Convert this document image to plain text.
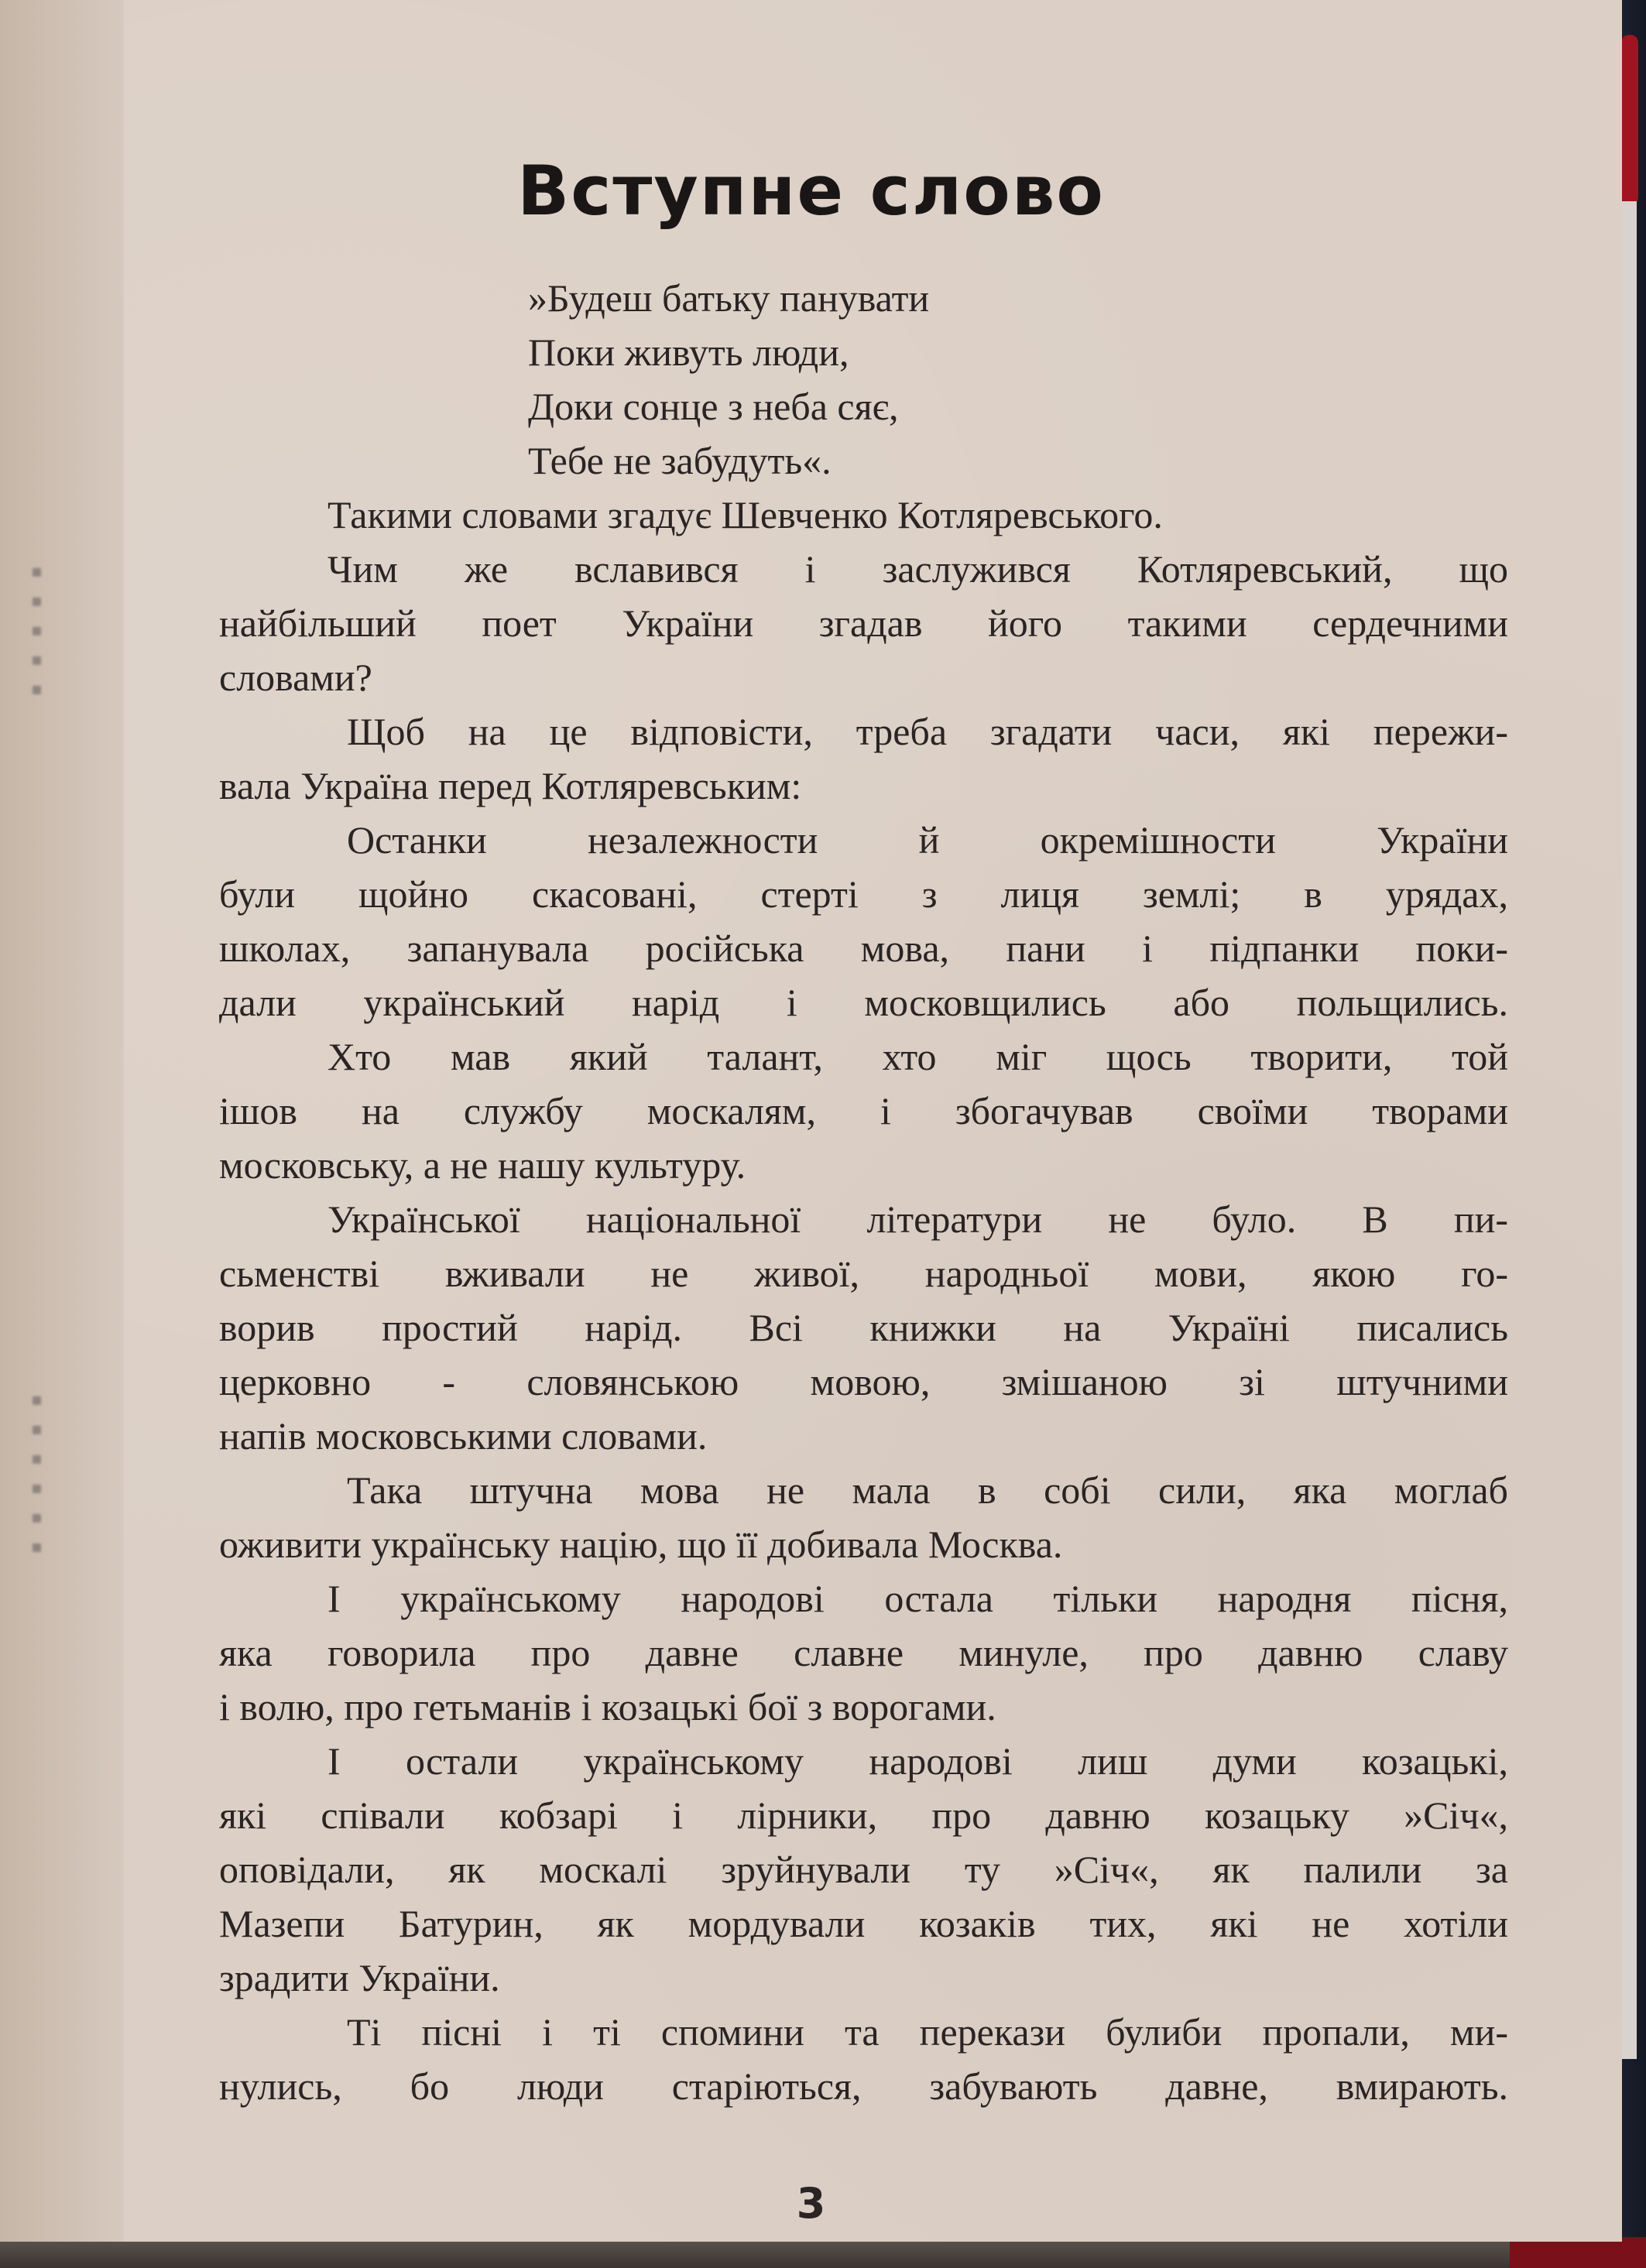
▪
▪
▪
▪
▪
▪
▪
▪
▪
▪
▪
Вступне слово
»Будеш батьку панувати
Поки живуть люди,
Доки сонце з неба сяє,
Тебе не забудуть«.
Такими словами згадує Шевченко Котляревського.
Чим же вславився і заслужився Котляревський, що
найбільший поет України згадав його такими сердечними
словами?
Щоб на це відповісти, треба згадати часи, які пережи-
вала Україна перед Котляревським:
Останки незалежности й окремішности України
були щойно скасовані, стерті з лиця землі; в урядах,
школах, запанувала російська мова, пани і підпанки поки-
дали український нарід і московщились або польщились.
Хто мав який талант, хто міг щось творити, той
ішов на службу москалям, і збогачував своїми творами
московську, а не нашу культуру.
Української національної літератури не було. В пи-
сьменстві вживали не живої, народньої мови, якою го-
ворив простий нарід. Всі книжки на Україні писались
церковно - словянською мовою, змішаною зі штучними
напів московськими словами.
Така штучна мова не мала в собі сили, яка моглаб
оживити українську націю, що її добивала Москва.
І українському народові остала тільки народня пісня,
яка говорила про давне славне минуле, про давню славу
і волю, про гетьманів і козацькі бої з ворогами.
І остали українському народові лиш думи козацькі,
які співали кобзарі і лірники, про давню козацьку »Січ«,
оповідали, як москалі зруйнували ту »Січ«, як палили за
Мазепи Батурин, як мордували козаків тих, які не хотіли
зрадити України.
Ті пісні і ті спомини та перекази булиби пропали, ми-
нулись, бо люди старіються, забувають давне, вмирають.
3
